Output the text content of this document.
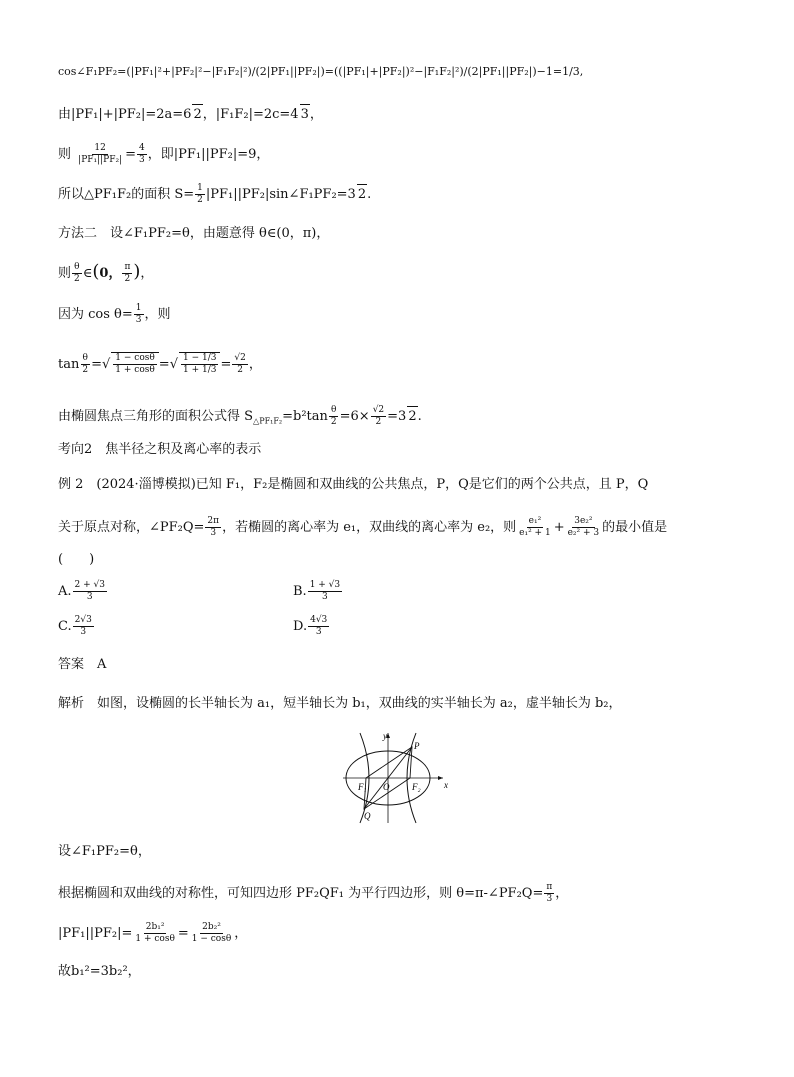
cos∠F₁PF₂=(|PF₁|²+|PF₂|²−|F₁F₂|²)/(2|PF₁||PF₂|)=((|PF₁|+|PF₂|)²−|F₁F₂|²)/(2|PF₁||PF₂|)−1=1/3,
由|PF₁|+|PF₂|=2a=6 2，|F₁F₂|=2c=4 3，
则 $\frac{12}{\text{|PF₁||PF₂|}} = \frac{4}{3}$ ，即|PF₁||PF₂|=9，
所以△PF₁F₂的面积 $S= \frac{1}{2}$ |PF₁||PF₂|sin∠F₁PF₂=3 2.
方法二　设∠F₁PF₂=θ，由题意得 θ∈(0，π)，
则 $\frac{\theta}{2}$ ∈(0， $\frac{\pi}{2}$ )，
因为 $\cos \theta= \frac{1}{3}$ ，则
$\tan \frac{\theta}{2}$ =√ $\frac{1 - \cos\theta}{1 + \cos\theta}$ =√ $\frac{1 - 1/3}{1 + 1/3} = \frac{√2}{2}$ ，
由椭圆焦点三角形的面积公式得 $S_{\triangle PF_1F_2}=b^2\tan \frac{\theta}{2} =6\times \frac{√2}{2} =3$ 2.
考向2　焦半径之积及离心率的表示
例 2　(2024·淄博模拟)已知 F₁，F₂是椭圆和双曲线的公共焦点，P，Q是它们的两个公共点，且 P，Q
关于原点对称，∠PF₂Q= $\frac{2\pi}{3}$ ，若椭圆的离心率为 e₁，双曲线的离心率为 e₂，则 $\frac{\text{e₁²}}{\text{e₁² + 1}} + \frac{\text{3e₂²}}{\text{e₂² + 3}}$ 的最小值是
(　　)
A. $\frac{2 + √3}{3}$	B. $\frac{1 + √3}{3}$
C. $\frac{2√3}{3}$	D. $\frac{4√3}{3}$
答案　A
解析　如图，设椭圆的长半轴长为 a₁，短半轴长为 b₁，双曲线的实半轴长为 a₂，虚半轴长为 b₂，
y
x
P
Q
O
F₁	F₂
设∠F₁PF₂=θ，
根据椭圆和双曲线的对称性，可知四边形 PF₂QF₁ 为平行四边形，则 θ=π-∠PF₂Q= $\frac{\pi}{3}$ ，
$|PF_1||PF_2|= \frac{\text{2b₁²}}{1 + \cos\theta} = \frac{\text{2b₂²}}{1 - \cos\theta}$ ，
故b₁²=3b₂²，
